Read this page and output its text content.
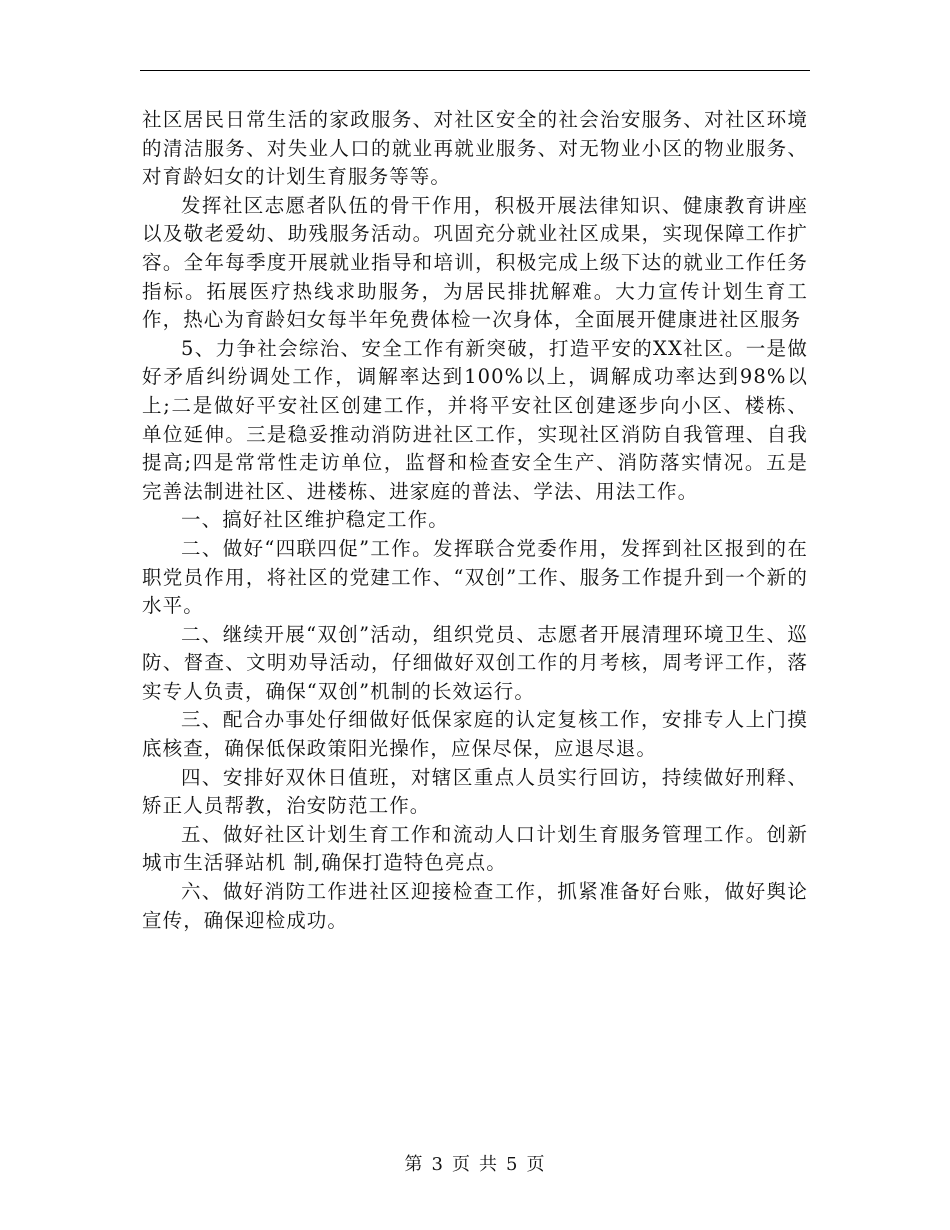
社区居民日常生活的家政服务、对社区安全的社会治安服务、对社区环境的清洁服务、对失业人口的就业再就业服务、对无物业小区的物业服务、对育龄妇女的计划生育服务等等。

发挥社区志愿者队伍的骨干作用，积极开展法律知识、健康教育讲座以及敬老爱幼、助残服务活动。巩固充分就业社区成果，实现保障工作扩容。全年每季度开展就业指导和培训，积极完成上级下达的就业工作任务指标。拓展医疗热线求助服务，为居民排扰解难。大力宣传计划生育工作，热心为育龄妇女每半年免费体检一次身体，全面展开健康进社区服务

5、力争社会综治、安全工作有新突破，打造平安的XX社区。一是做好矛盾纠纷调处工作，调解率达到100%以上，调解成功率达到98%以上;二是做好平安社区创建工作，并将平安社区创建逐步向小区、楼栋、单位延伸。三是稳妥推动消防进社区工作，实现社区消防自我管理、自我提高;四是常常性走访单位，监督和检查安全生产、消防落实情况。五是完善法制进社区、进楼栋、进家庭的普法、学法、用法工作。

一、搞好社区维护稳定工作。

二、做好“四联四促”工作。发挥联合党委作用，发挥到社区报到的在职党员作用，将社区的党建工作、“双创”工作、服务工作提升到一个新的水平。

二、继续开展“双创”活动，组织党员、志愿者开展清理环境卫生、巡防、督查、文明劝导活动，仔细做好双创工作的月考核，周考评工作，落实专人负责，确保“双创”机制的长效运行。

三、配合办事处仔细做好低保家庭的认定复核工作，安排专人上门摸底核查，确保低保政策阳光操作，应保尽保，应退尽退。

四、安排好双休日值班，对辖区重点人员实行回访，持续做好刑释、矫正人员帮教，治安防范工作。

五、做好社区计划生育工作和流动人口计划生育服务管理工作。创新城市生活驿站机 制,确保打造特色亮点。

六、做好消防工作进社区迎接检查工作，抓紧准备好台账，做好舆论宣传，确保迎检成功。

第 3 页 共 5 页
